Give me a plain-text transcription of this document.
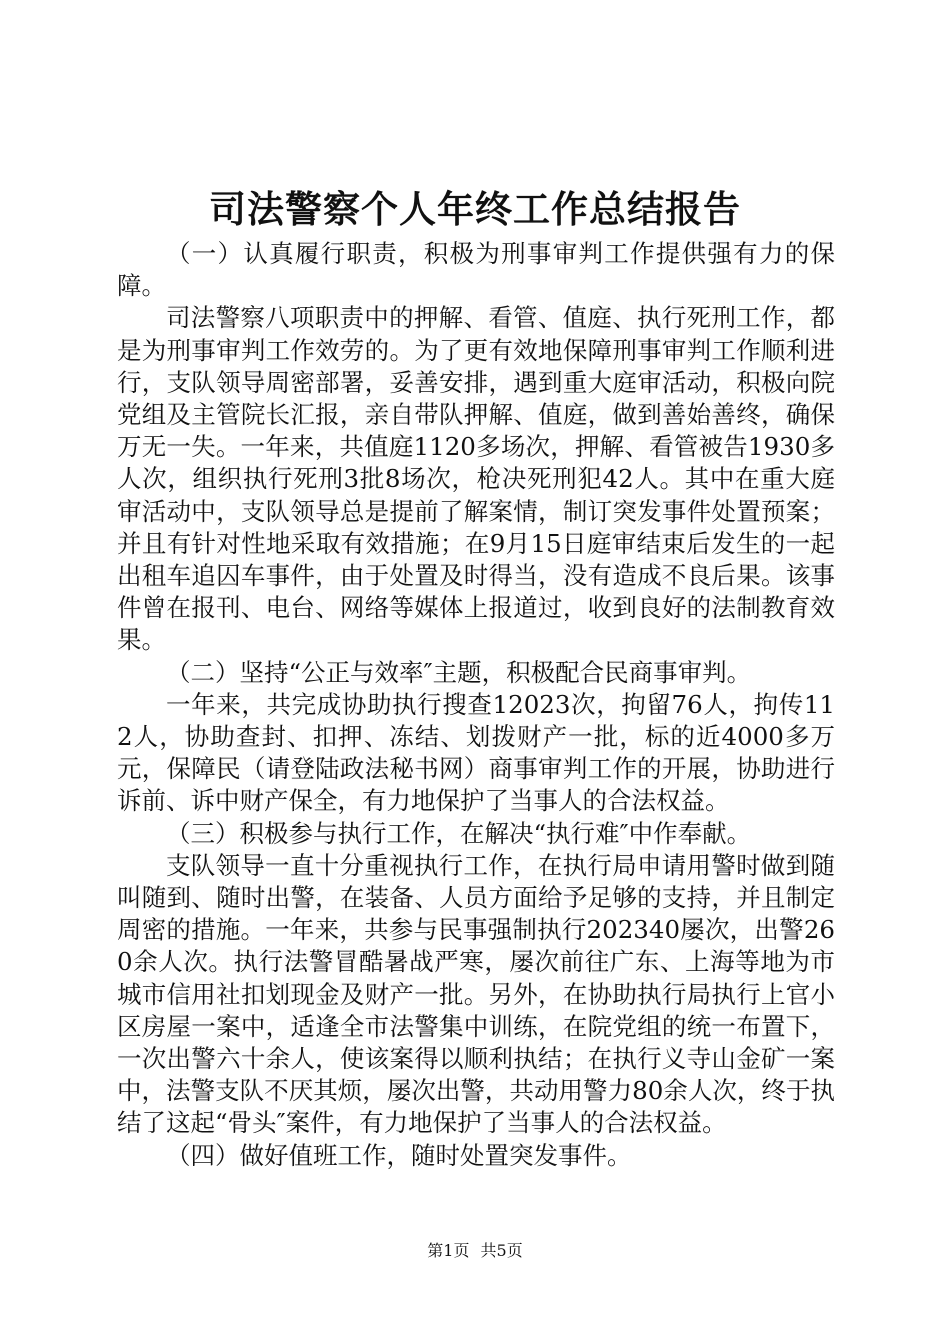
司法警察个人年终工作总结报告

（一）认真履行职责，积极为刑事审判工作提供强有力的保障。

司法警察八项职责中的押解、看管、值庭、执行死刑工作，都是为刑事审判工作效劳的。为了更有效地保障刑事审判工作顺利进行，支队领导周密部署，妥善安排，遇到重大庭审活动，积极向院党组及主管院长汇报，亲自带队押解、值庭，做到善始善终，确保万无一失。一年来，共值庭1120多场次，押解、看管被告1930多人次，组织执行死刑3批8场次，枪决死刑犯42人。其中在重大庭审活动中，支队领导总是提前了解案情，制订突发事件处置预案；并且有针对性地采取有效措施；在9月15日庭审结束后发生的一起出租车追囚车事件，由于处置及时得当，没有造成不良后果。该事件曾在报刊、电台、网络等媒体上报道过，收到良好的法制教育效果。

（二）坚持“公正与效率″主题，积极配合民商事审判。

一年来，共完成协助执行搜查12023次，拘留76人，拘传112人，协助查封、扣押、冻结、划拨财产一批，标的近4000多万元，保障民（请登陆政法秘书网）商事审判工作的开展，协助进行诉前、诉中财产保全，有力地保护了当事人的合法权益。

（三）积极参与执行工作，在解决“执行难″中作奉献。

支队领导一直十分重视执行工作，在执行局申请用警时做到随叫随到、随时出警，在装备、人员方面给予足够的支持，并且制定周密的措施。一年来，共参与民事强制执行202340屡次，出警260余人次。执行法警冒酷暑战严寒，屡次前往广东、上海等地为市城市信用社扣划现金及财产一批。另外，在协助执行局执行上官小区房屋一案中，适逢全市法警集中训练，在院党组的统一布置下，一次出警六十余人，使该案得以顺利执结；在执行义寺山金矿一案中，法警支队不厌其烦，屡次出警，共动用警力80余人次，终于执结了这起“骨头″案件，有力地保护了当事人的合法权益。

（四）做好值班工作，随时处置突发事件。

第1页 共5页
